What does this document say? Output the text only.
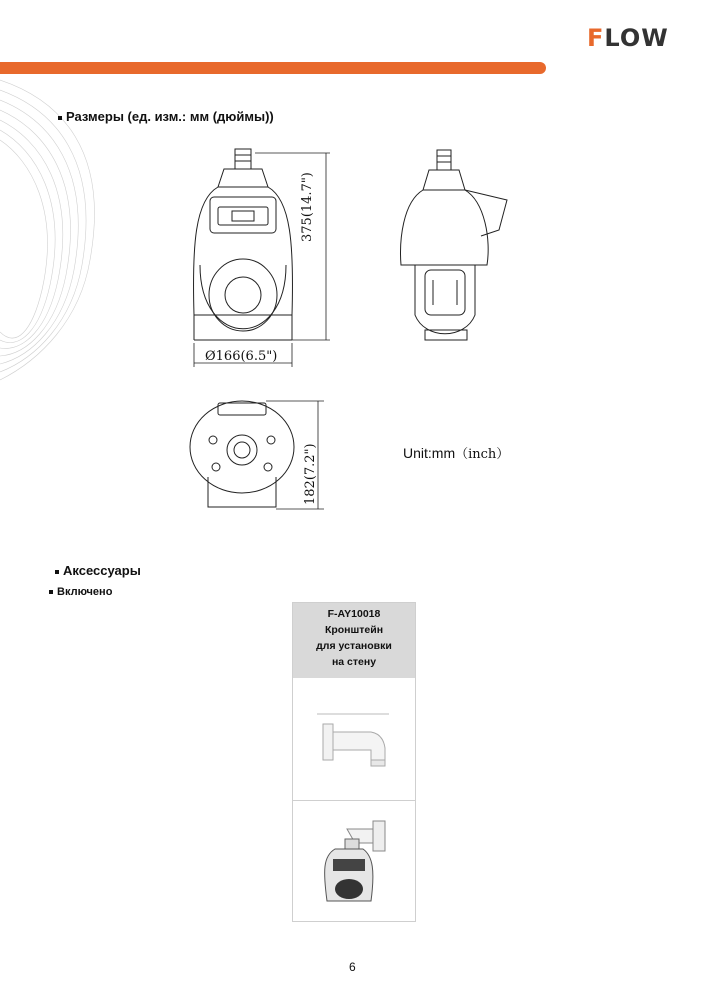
FLOW
Размеры (ед. изм.: мм (дюймы))
375(14.7")
Ø166(6.5")
182(7.2")	Unit:mm（inch）
Аксессуары
Включено
F-AY10018
Кронштейн
для установки
на стену
6
